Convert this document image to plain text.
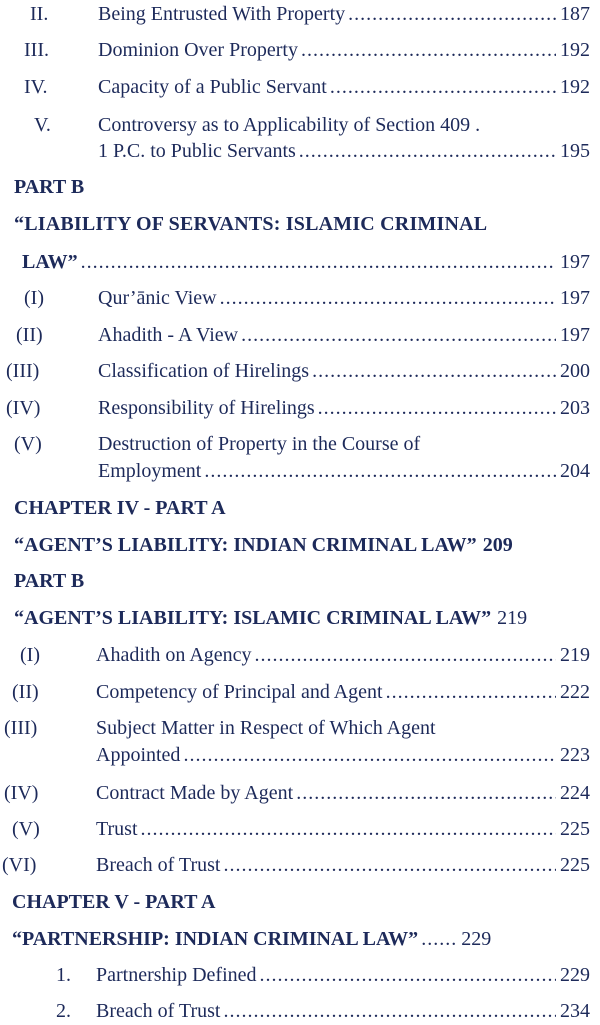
II. Being Entrusted With Property .....	187
III. Dominion Over Property .....	192
IV.	Capacity of a Public Servant .....	192
V. Controversy as to Applicability of Section 409 .
1 P.C. to Public Servants .....	195
PART B
“LIABILITY OF SERVANTS: ISLAMIC CRIMINAL
LAW” .....	197
(I)	Qur’ānic View .....	197
(II)	Ahadith - A View .....	197
(III)	Classification of Hirelings .....	200
(IV)	Responsibility of Hirelings .....	203
(V)	Destruction of Property in the Course of
Employment .....	204
CHAPTER IV - PART A
“AGENT’S LIABILITY: INDIAN CRIMINAL LAW” 209
PART B
“AGENT’S LIABILITY: ISLAMIC CRIMINAL LAW” 219
(I)	Ahadith on Agency .....	219
(II)	Competency of Principal and Agent .....	222
(III)	Subject Matter in Respect of Which Agent
Appointed .....	223
(IV)	Contract Made by Agent .....	224
(V)	Trust .....	225
(VI)	Breach of Trust .....	225
CHAPTER V - PART A
“PARTNERSHIP: INDIAN CRIMINAL LAW” ..... 229
1. Partnership Defined .....	229
2. Breach of Trust .....	234
